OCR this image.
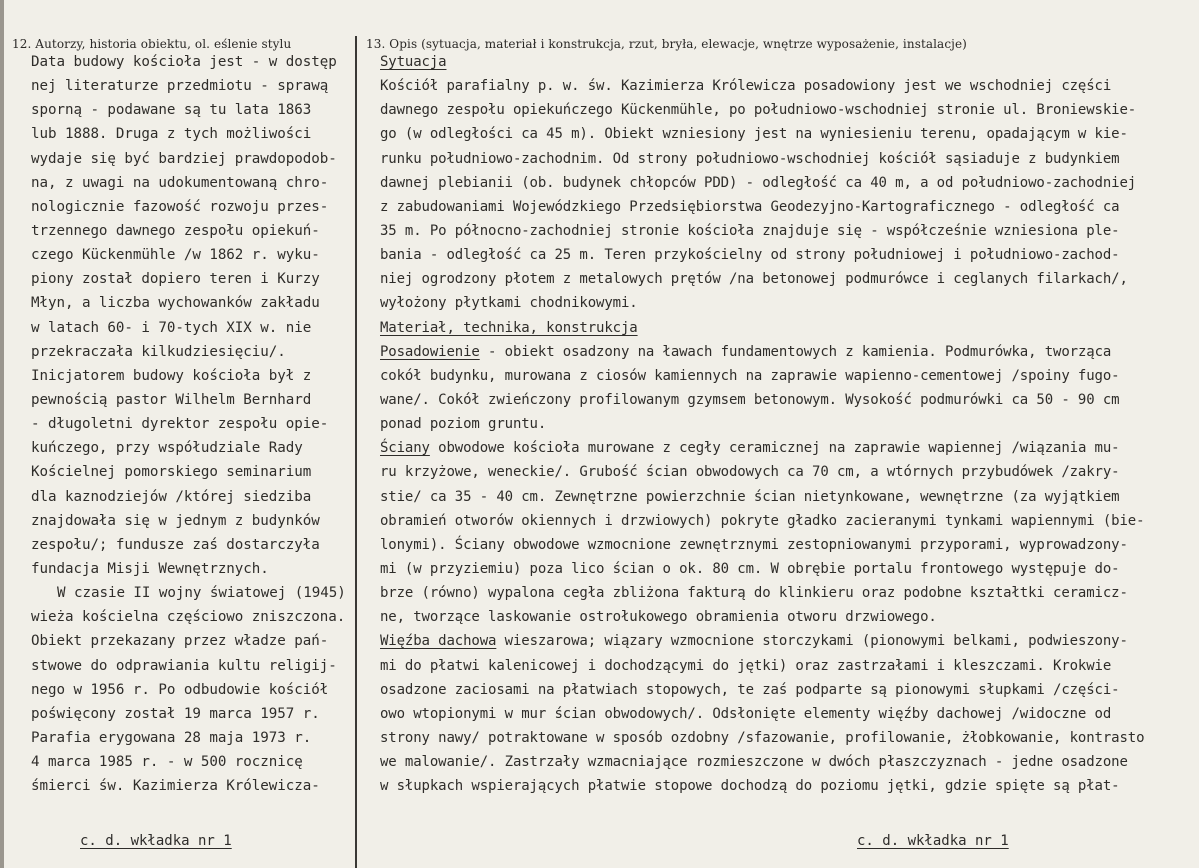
12. Autorzy, historia obiektu, ol. eślenie stylu	13. Opis (sytuacja, materiał i konstrukcja, rzut, bryła, elewacje, wnętrze wyposażenie, instalacje)
Data budowy kościoła jest - w dostęp
nej literaturze przedmiotu - sprawą
sporną - podawane są tu lata 1863
lub 1888. Druga z tych możliwości
wydaje się być bardziej prawdopodob-
na, z uwagi na udokumentowaną chro-
nologicznie fazowość rozwoju przes-
trzennego dawnego zespołu opiekuń-
czego Kückenmühle /w 1862 r. wyku-
piony został dopiero teren i Kurzy
Młyn, a liczba wychowanków zakładu
w latach 60- i 70-tych XIX w. nie
przekraczała kilkudziesięciu/.
Inicjatorem budowy kościoła był z
pewnością pastor Wilhelm Bernhard
- długoletni dyrektor zespołu opie-
kuńczego, przy współudziale Rady
Kościelnej pomorskiego seminarium
dla kaznodziejów /której siedziba
znajdowała się w jednym z budynków
zespołu/; fundusze zaś dostarczyła
fundacja Misji Wewnętrznych.
W czasie II wojny światowej (1945)
wieża kościelna częściowo zniszczona.
Obiekt przekazany przez władze pań-
stwowe do odprawiania kultu religij-
nego w 1956 r. Po odbudowie kościół
poświęcony został 19 marca 1957 r.
Parafia erygowana 28 maja 1973 r.
4 marca 1985 r. - w 500 rocznicę
śmierci św. Kazimierza Królewicza-
Sytuacja
Kościół parafialny p. w. św. Kazimierza Królewicza posadowiony jest we wschodniej części
dawnego zespołu opiekuńczego Kückenmühle, po południowo-wschodniej stronie ul. Broniewskie-
go (w odległości ca 45 m). Obiekt wzniesiony jest na wyniesieniu terenu, opadającym w kie-
runku południowo-zachodnim. Od strony południowo-wschodniej kościół sąsiaduje z budynkiem
dawnej plebianii (ob. budynek chłopców PDD) - odległość ca 40 m, a od południowo-zachodniej
z zabudowaniami Wojewódzkiego Przedsiębiorstwa Geodezyjno-Kartograficznego - odległość ca
35 m. Po północno-zachodniej stronie kościoła znajduje się - współcześnie wzniesiona ple-
bania - odległość ca 25 m. Teren przykościelny od strony południowej i południowo-zachod-
niej ogrodzony płotem z metalowych prętów /na betonowej podmurówce i ceglanych filarkach/,
wyłożony płytkami chodnikowymi.
Materiał, technika, konstrukcja
Posadowienie - obiekt osadzony na ławach fundamentowych z kamienia. Podmurówka, tworząca
cokół budynku, murowana z ciosów kamiennych na zaprawie wapienno-cementowej /spoiny fugo-
wane/. Cokół zwieńczony profilowanym gzymsem betonowym. Wysokość podmurówki ca 50 - 90 cm
ponad poziom gruntu.
Ściany obwodowe kościoła murowane z cegły ceramicznej na zaprawie wapiennej /wiązania mu-
ru krzyżowe, weneckie/. Grubość ścian obwodowych ca 70 cm, a wtórnych przybudówek /zakry-
stie/ ca 35 - 40 cm. Zewnętrzne powierzchnie ścian nietynkowane, wewnętrzne (za wyjątkiem
obramień otworów okiennych i drzwiowych) pokryte gładko zacieranymi tynkami wapiennymi (bie-
lonymi). Ściany obwodowe wzmocnione zewnętrznymi zestopniowanymi przyporami, wyprowadzony-
mi (w przyziemiu) poza lico ścian o ok. 80 cm. W obrębie portalu frontowego występuje do-
brze (równo) wypalona cegła zbliżona fakturą do klinkieru oraz podobne kształtki ceramicz-
ne, tworzące laskowanie ostrołukowego obramienia otworu drzwiowego.
Więźba dachowa wieszarowa; wiązary wzmocnione storczykami (pionowymi belkami, podwieszony-
mi do płatwi kalenicowej i dochodzącymi do jętki) oraz zastrzałami i kleszczami. Krokwie
osadzone zaciosami na płatwiach stopowych, te zaś podparte są pionowymi słupkami /części-
owo wtopionymi w mur ścian obwodowych/. Odsłonięte elementy więźby dachowej /widoczne od
strony nawy/ potraktowane w sposób ozdobny /sfazowanie, profilowanie, żłobkowanie, kontrasto
we malowanie/. Zastrzały wzmacniające rozmieszczone w dwóch płaszczyznach - jedne osadzone
w słupkach wspierających płatwie stopowe dochodzą do poziomu jętki, gdzie spięte są płat-
c. d. wkładka nr 1	c. d. wkładka nr 1
